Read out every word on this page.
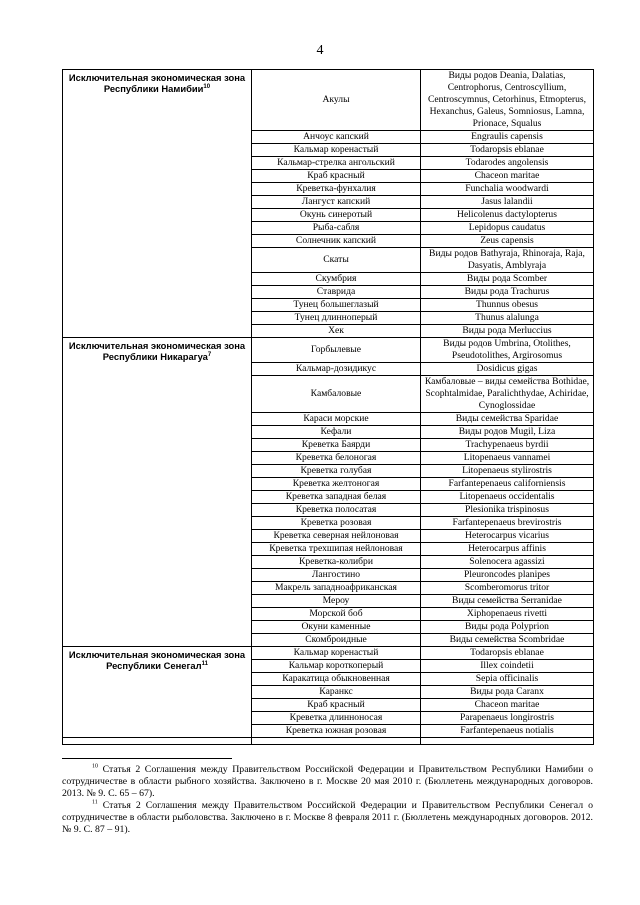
4
Исключительная экономическая зона Республики Намибии$^{10}$	Акулы	Виды родов Deania, Dalatias, Centrophorus, Centroscyllium, Centroscymnus, Cetorhinus, Etmopterus, Hexanchus, Galeus, Somniosus, Lamna, Prionace, Squalus
	Анчоус капский	Engraulis capensis
	Кальмар коренастый	Todaropsis eblanae
	Кальмар-стрелка ангольский	Todarodes angolensis
	Краб красный	Chaceon maritae
	Креветка-фунхалия	Funchalia woodwardi
	Лангуст капский	Jasus lalandii
	Окунь синеротый	Helicolenus dactylopterus
	Рыба-сабля	Lepidopus caudatus
	Солнечник капский	Zeus capensis
	Скаты	Виды родов Bathyraja, Rhinoraja, Raja, Dasyatis, Amblyraja
	Скумбрия	Виды рода Scomber
	Ставрида	Виды рода Trachurus
	Тунец большеглазый	Thunnus obesus
	Тунец длинноперый	Thunus alalunga
	Хек	Виды рода Merluccius
Исключительная экономическая зона Республики Никарагуа$^7$	Горбылевые	Виды родов Umbrina, Otolithes, Pseudotolithes, Argirosomus
	Кальмар-дозидикус	Dosidicus gigas
	Камбаловые	Камбаловые – виды семейства Bothidae, Scophtalmidae, Paralichthydae, Achiridae, Cynoglossidae
	Караси морские	Виды семейства Sparidae
	Кефали	Виды родов Mugil, Liza
	Креветка Баярди	Trachypenaeus byrdii
	Креветка белоногая	Litopenaeus vannamei
	Креветка голубая	Litopenaeus stylirostris
	Креветка желтоногая	Farfantepenaeus californiensis
	Креветка западная белая	Litopenaeus occidentalis
	Креветка полосатая	Plesionika trispinosus
	Креветка розовая	Farfantepenaeus brevirostris
	Креветка северная нейлоновая	Heterocarpus vicarius
	Креветка трехшипая нейлоновая	Heterocarpus affinis
	Креветка-колибри	Solenocera agassizi
	Лангостино	Pleuroncodes planipes
	Макрель западноафриканская	Scomberomorus tritor
	Мероу	Виды семейства Serranidae
	Морской боб	Xiphopenaeus rivetti
	Окуни каменные	Виды рода Polyprion
	Скомброидные	Виды семейства Scombridae
Исключительная экономическая зона Республики Сенегал$^{11}$	Кальмар коренастый	Todaropsis eblanae
	Кальмар короткоперый	Illex coindetii
	Каракатица обыкновенная	Sepia officinalis
	Каранкс	Виды рода Caranx
	Краб красный	Chaceon maritae
	Креветка длинноносая	Parapenaeus longirostris
	Креветка южная розовая	Farfantepenaeus notialis

$^{10}$ Статья 2 Соглашения между Правительством Российской Федерации и Правительством Республики Намибии о сотрудничестве в области рыбного хозяйства. Заключено в г. Москве 20 мая 2010 г. (Бюллетень международных договоров. 2013. № 9. С. 65 – 67).

$^{11}$ Статья 2 Соглашения между Правительством Российской Федерации и Правительством Республики Сенегал о сотрудничестве в области рыболовства. Заключено в г. Москве 8 февраля 2011 г. (Бюллетень международных договоров. 2012. № 9. С. 87 – 91).
